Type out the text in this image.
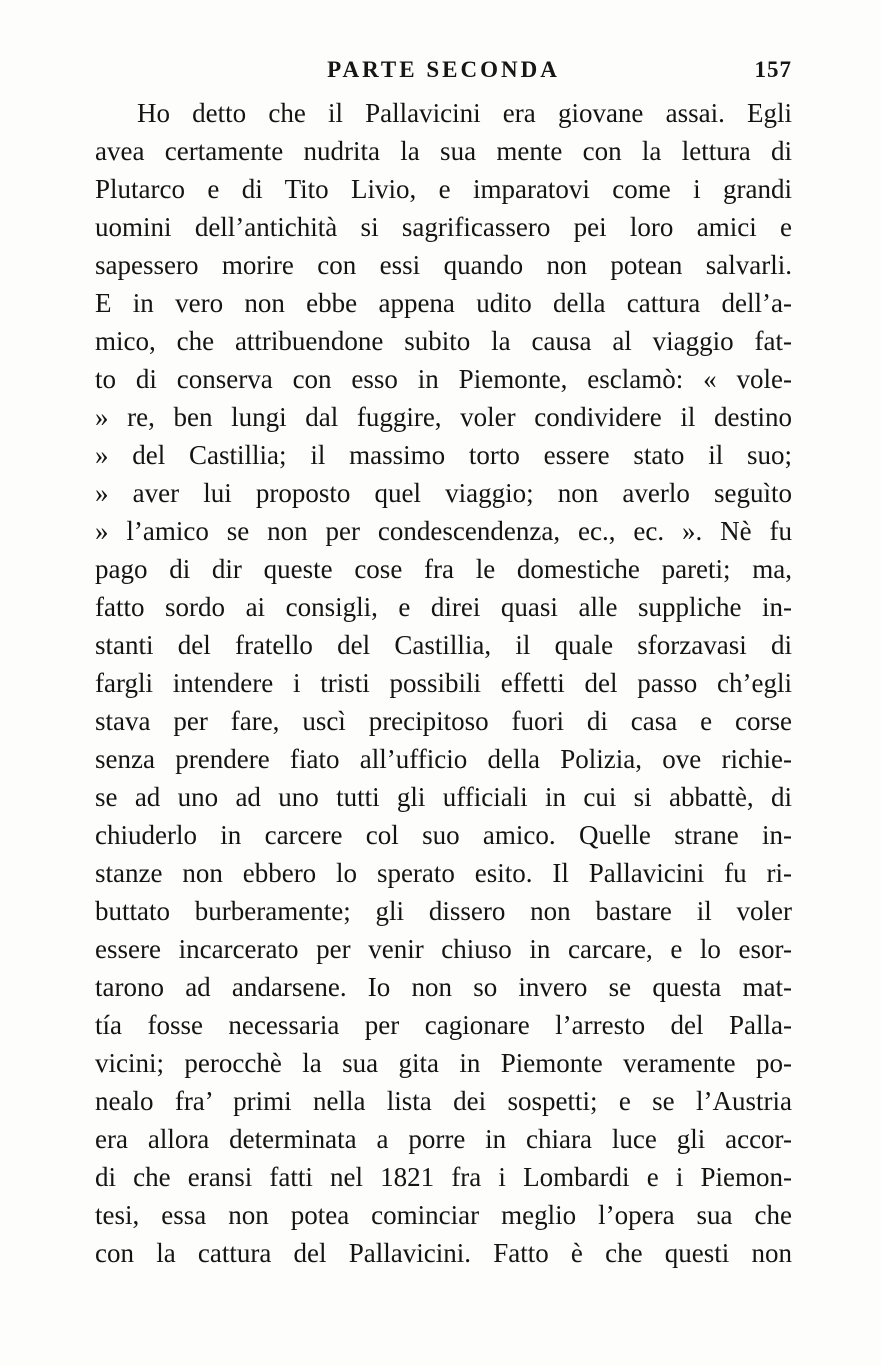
PARTE SECONDA	157
Ho detto che il Pallavicini era giovane assai. Egli
avea certamente nudrita la sua mente con la lettura di
Plutarco e di Tito Livio, e imparatovi come i grandi
uomini dell’antichità si sagrificassero pei loro amici e
sapessero morire con essi quando non potean salvarli.
E in vero non ebbe appena udito della cattura dell’a-
mico, che attribuendone subito la causa al viaggio fat-
to di conserva con esso in Piemonte, esclamò: « vole-
» re, ben lungi dal fuggire, voler condividere il destino
» del Castillia; il massimo torto essere stato il suo;
» aver lui proposto quel viaggio; non averlo seguìto
» l’amico se non per condescendenza, ec., ec. ». Nè fu
pago di dir queste cose fra le domestiche pareti; ma,
fatto sordo ai consigli, e direi quasi alle suppliche in-
stanti del fratello del Castillia, il quale sforzavasi di
fargli intendere i tristi possibili effetti del passo ch’egli
stava per fare, uscì precipitoso fuori di casa e corse
senza prendere fiato all’ufficio della Polizia, ove richie-
se ad uno ad uno tutti gli ufficiali in cui si abbattè, di
chiuderlo in carcere col suo amico. Quelle strane in-
stanze non ebbero lo sperato esito. Il Pallavicini fu ri-
buttato burberamente; gli dissero non bastare il voler
essere incarcerato per venir chiuso in carcare, e lo esor-
tarono ad andarsene. Io non so invero se questa mat-
tía fosse necessaria per cagionare l’arresto del Palla-
vicini; perocchè la sua gita in Piemonte veramente po-
nealo fra’ primi nella lista dei sospetti; e se l’Austria
era allora determinata a porre in chiara luce gli accor-
di che eransi fatti nel 1821 fra i Lombardi e i Piemon-
tesi, essa non potea cominciar meglio l’opera sua che
con la cattura del Pallavicini. Fatto è che questi non
